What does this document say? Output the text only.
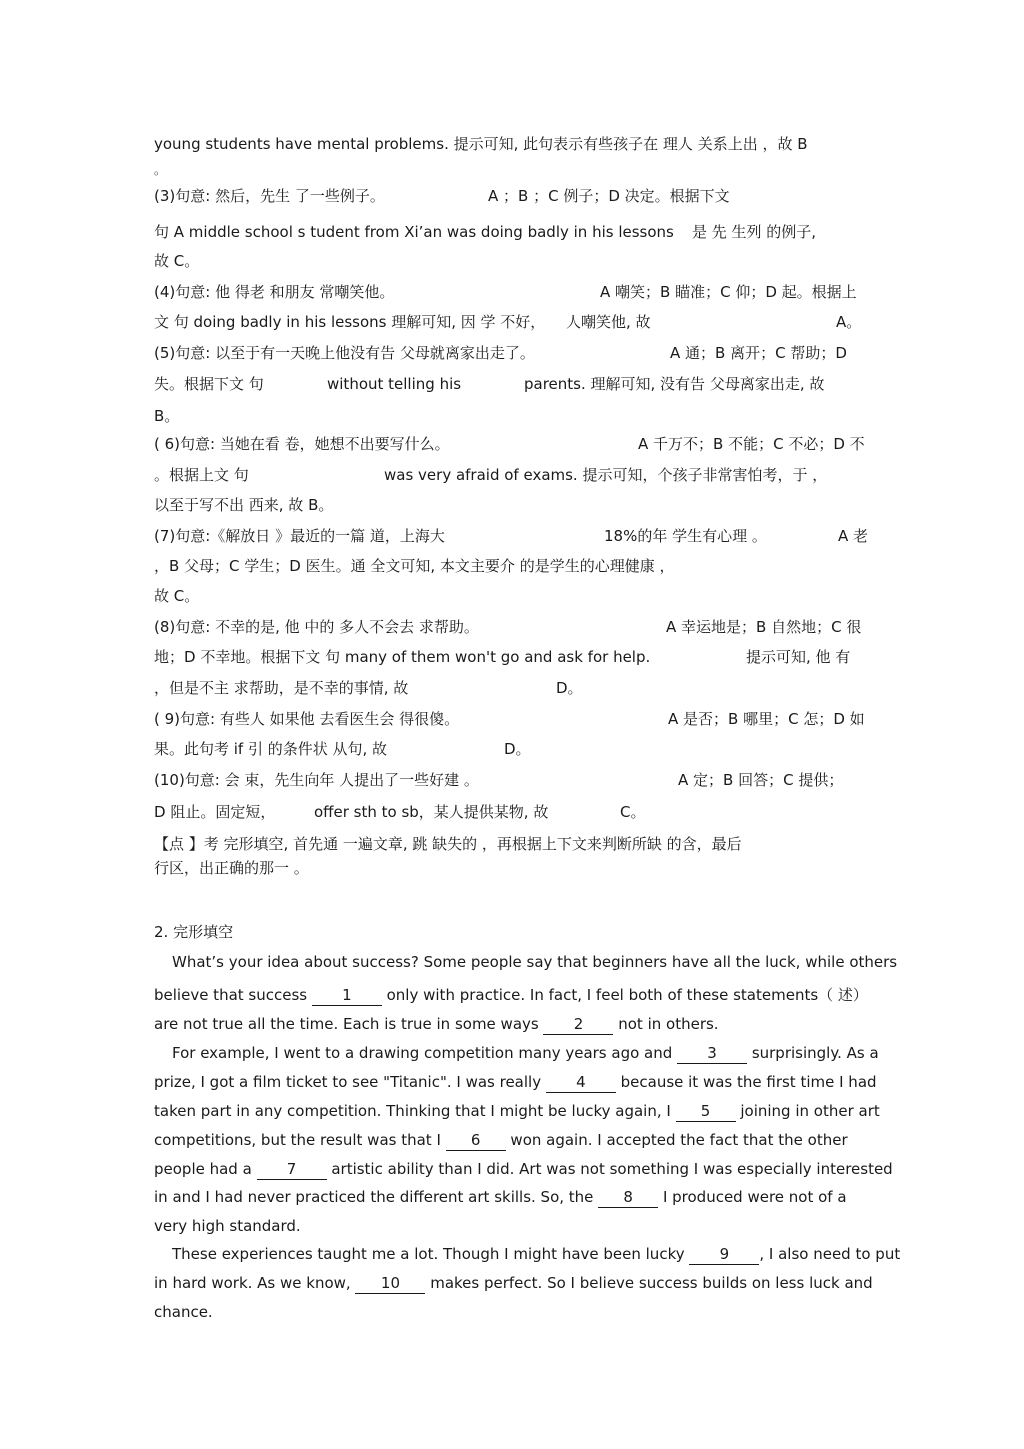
young students have mental problems. 提示可知, 此句表示有些孩子在 理人 关系上出 ，故 B
。
(3)句意: 然后，先生 了一些例子。	A ；B ；C 例子；D 决定。根据下文
句 A middle school s tudent from Xi’an was doing badly in his lessons 是 先 生列 的例子,
故 C。
(4)句意: 他 得老 和朋友 常嘲笑他。	A 嘲笑；B 瞄准；C 仰；D 起。根据上
文 句 doing badly in his lessons 理解可知, 因 学 不好， 人嘲笑他, 故	A。
(5)句意: 以至于有一天晚上他没有告 父母就离家出走了。	A 通；B 离开；C 帮助；D
失。根据下文 句	without telling his	parents. 理解可知, 没有告 父母离家出走, 故
B。
( 6)句意: 当她在看 卷，她想不出要写什么。	A 千万不；B 不能；C 不必；D 不
。根据上文 句	was very afraid of exams. 提示可知，个孩子非常害怕考，于 ，
以至于写不出 西来, 故 B。
(7)句意:《解放日 》最近的一篇 道，上海大	18%的年 学生有心理 。	A 老
，B 父母；C 学生；D 医生。通 全文可知, 本文主要介 的是学生的心理健康 ，
故 C。
(8)句意: 不幸的是, 他 中的 多人不会去 求帮助。	A 幸运地是；B 自然地；C 很
地；D 不幸地。根据下文 句 many of them won't go and ask for help.	提示可知, 他 有
，但是不主 求帮助，是不幸的事情, 故	D。
( 9)句意: 有些人 如果他 去看医生会 得很傻。	A 是否；B 哪里；C 怎；D 如
果。此句考 if 引 的条件状 从句, 故	D。
(10)句意: 会 束，先生向年 人提出了一些好建 。	A 定；B 回答；C 提供；
D 阻止。固定短，	offer sth to sb，某人提供某物, 故	C。
【点 】考 完形填空, 首先通 一遍文章, 跳 缺失的 ，再根据上下文来判断所缺 的含，最后
行区，出正确的那一 。
2. 完形填空
What’s your idea about success? Some people say that beginners have all the luck, while others
believe that success 1 only with practice. In fact, I feel both of these statements（ 述）
are not true all the time. Each is true in some ways 2 not in others.
For example, I went to a drawing competition many years ago and 3 surprisingly. As a
prize, I got a film ticket to see "Titanic". I was really 4 because it was the first time I had
taken part in any competition. Thinking that I might be lucky again, I 5 joining in other art
competitions, but the result was that I 6 won again. I accepted the fact that the other
people had a 7 artistic ability than I did. Art was not something I was especially interested
in and I had never practiced the different art skills. So, the 8 I produced were not of a
very high standard.
These experiences taught me a lot. Though I might have been lucky 9 , I also need to put
in hard work. As we know, 10 makes perfect. So I believe success builds on less luck and
chance.
